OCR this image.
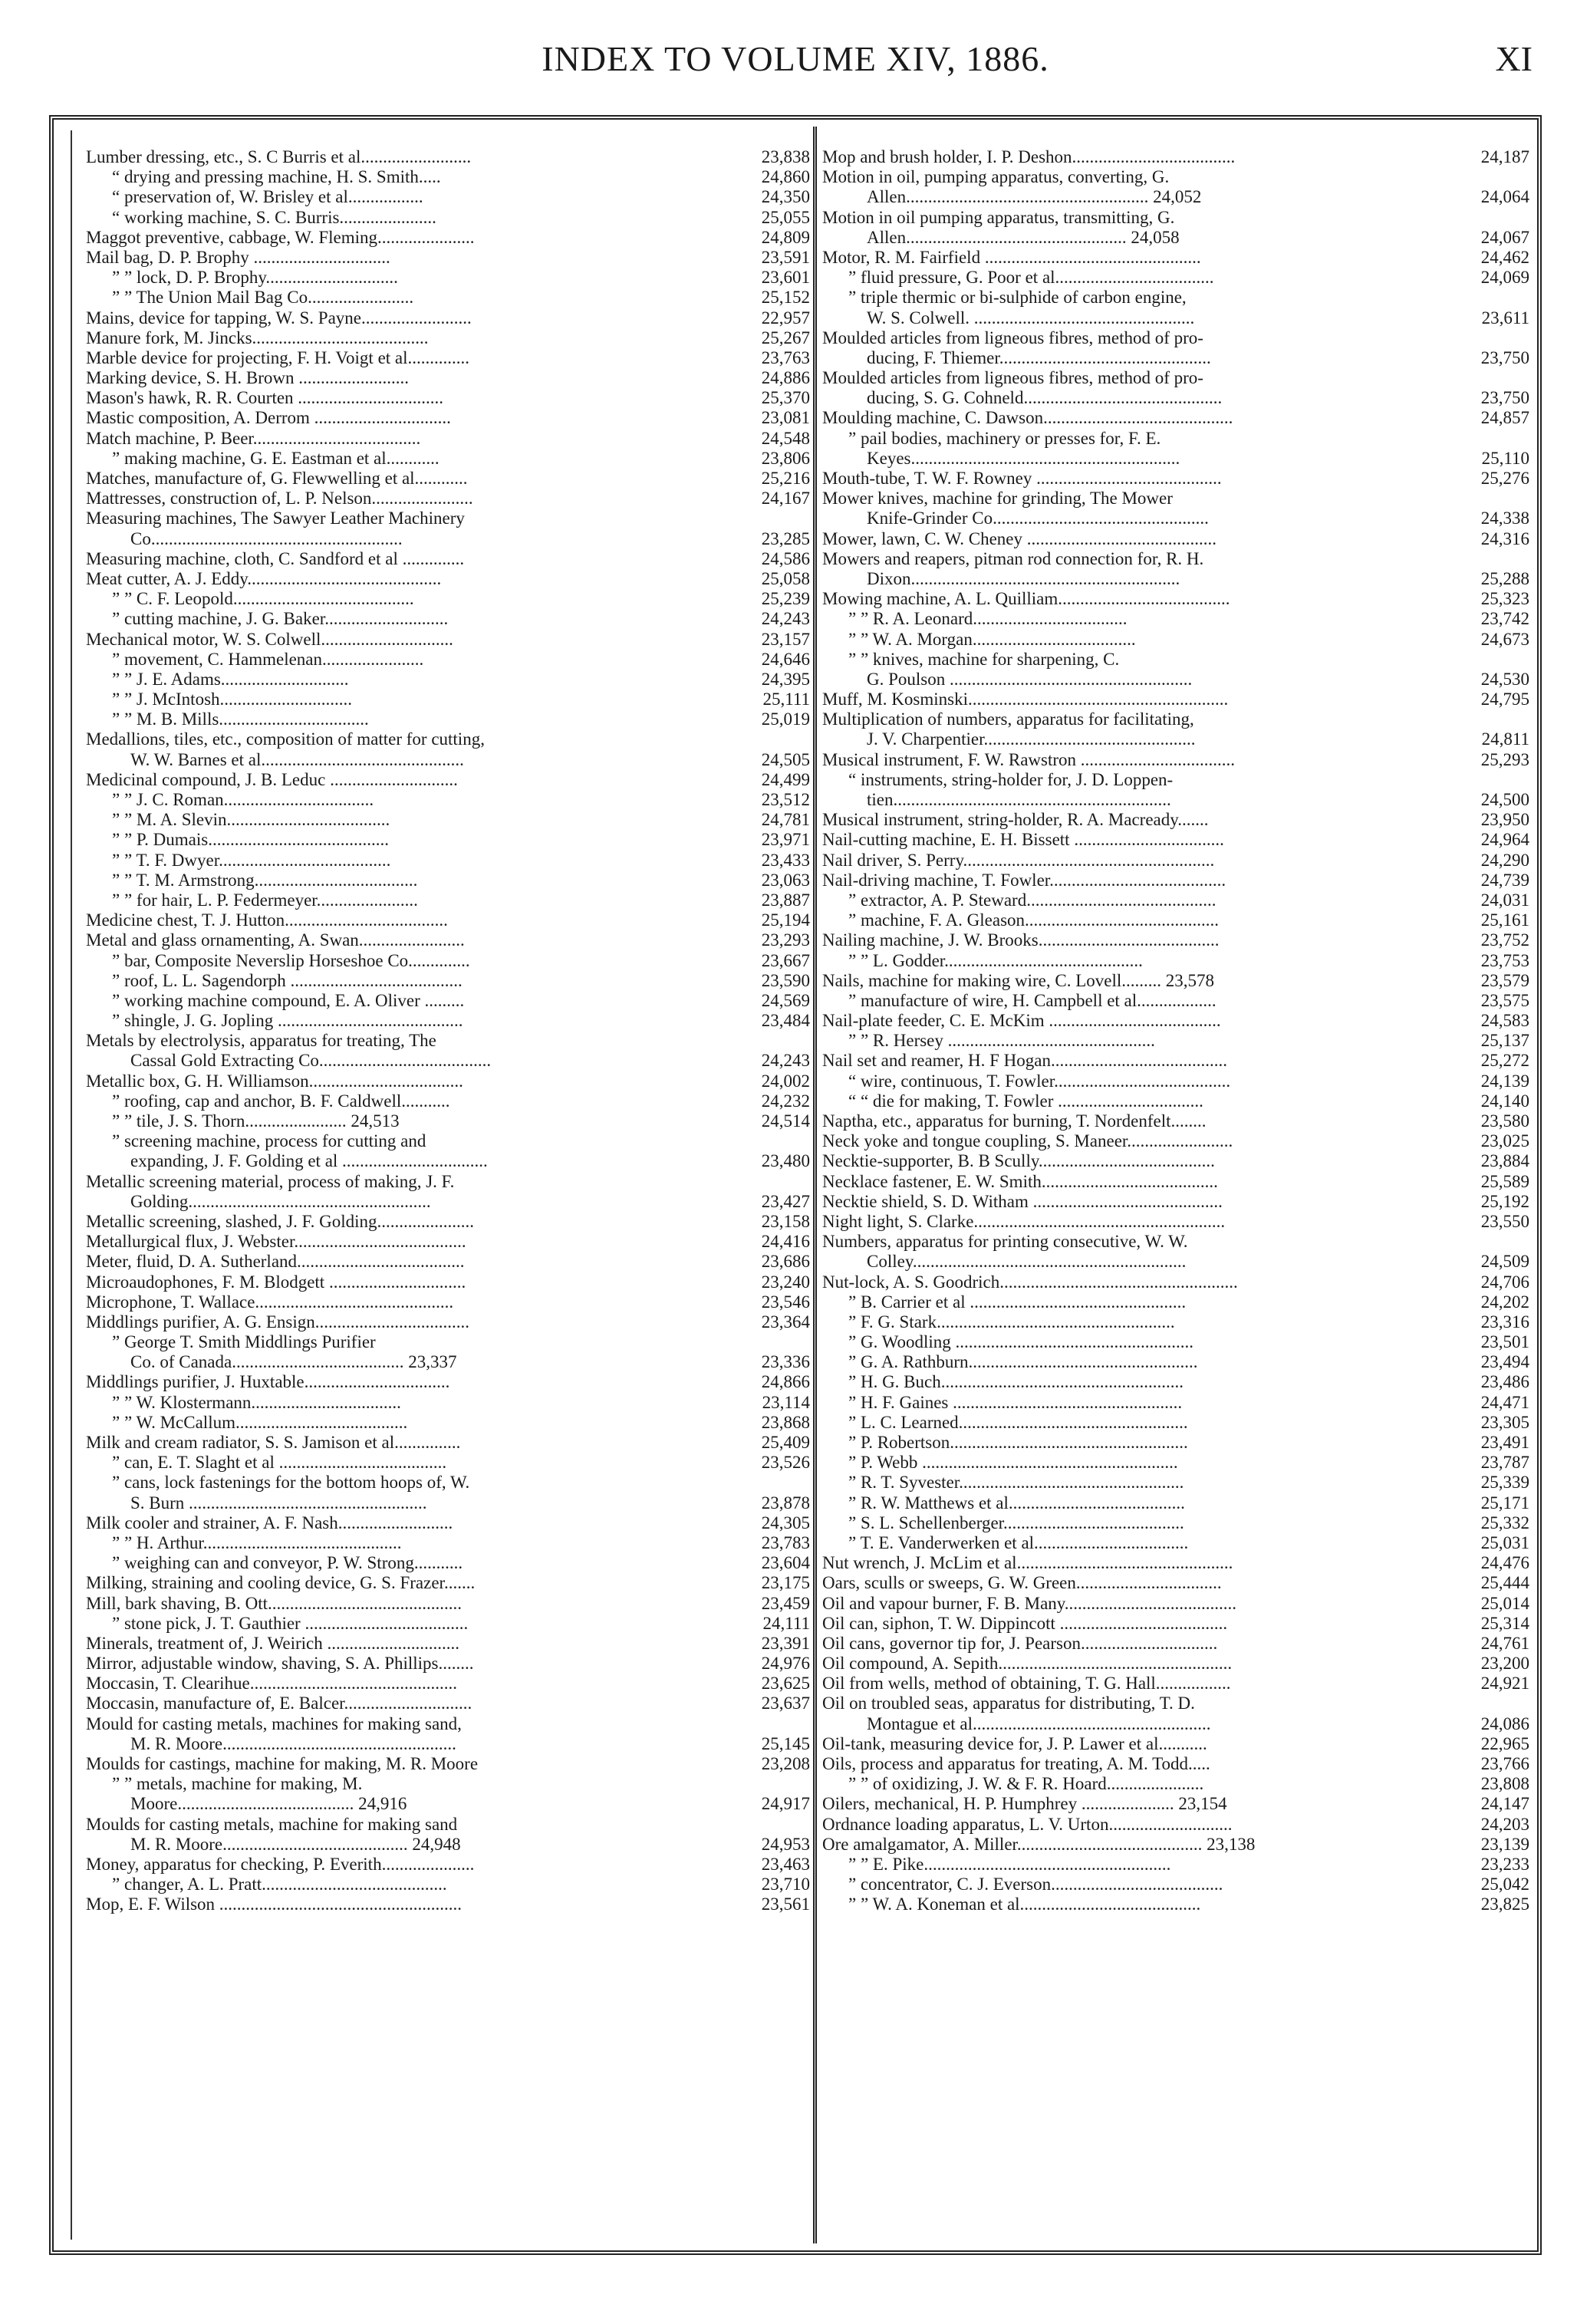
INDEX TO VOLUME XIV, 1886.	XI
Lumber dressing, etc., S. C Burris et al.........................	23,838
“ drying and pressing machine, H. S. Smith.....	24,860
“ preservation of, W. Brisley et al.................	24,350
“ working machine, S. C. Burris......................	25,055
Maggot preventive, cabbage, W. Fleming......................	24,809
Mail bag, D. P. Brophy ...............................	23,591
” ” lock, D. P. Brophy..............................	23,601
” ” The Union Mail Bag Co........................	25,152
Mains, device for tapping, W. S. Payne.........................	22,957
Manure fork, M. Jincks........................................	25,267
Marble device for projecting, F. H. Voigt et al..............	23,763
Marking device, S. H. Brown .........................	24,886
Mason's hawk, R. R. Courten .................................	25,370
Mastic composition, A. Derrom ...............................	23,081
Match machine, P. Beer......................................	24,548
” making machine, G. E. Eastman et al............	23,806
Matches, manufacture of, G. Flewwelling et al............	25,216
Mattresses, construction of, L. P. Nelson.......................	24,167
Measuring machines, The Sawyer Leather Machinery
Co.........................................................	23,285
Measuring machine, cloth, C. Sandford et al ..............	24,586
Meat cutter, A. J. Eddy............................................	25,058
” ” C. F. Leopold.........................................	25,239
” cutting machine, J. G. Baker............................	24,243
Mechanical motor, W. S. Colwell..............................	23,157
” movement, C. Hammelenan.......................	24,646
” ” J. E. Adams.............................	24,395
” ” J. McIntosh..............................	25,111
” ” M. B. Mills..................................	25,019
Medallions, tiles, etc., composition of matter for cutting,
W. W. Barnes et al..............................................	24,505
Medicinal compound, J. B. Leduc .............................	24,499
” ” J. C. Roman..................................	23,512
” ” M. A. Slevin.....................................	24,781
” ” P. Dumais.........................................	23,971
” ” T. F. Dwyer.......................................	23,433
” ” T. M. Armstrong.....................................	23,063
” ” for hair, L. P. Federmeyer.......................	23,887
Medicine chest, T. J. Hutton.....................................	25,194
Metal and glass ornamenting, A. Swan........................	23,293
” bar, Composite Neverslip Horseshoe Co..............	23,667
” roof, L. L. Sagendorph .......................................	23,590
” working machine compound, E. A. Oliver .........	24,569
” shingle, J. G. Jopling ..........................................	23,484
Metals by electrolysis, apparatus for treating, The
Cassal Gold Extracting Co.......................................	24,243
Metallic box, G. H. Williamson...................................	24,002
” roofing, cap and anchor, B. F. Caldwell...........	24,232
” ” tile, J. S. Thorn....................... 24,513	24,514
” screening machine, process for cutting and
expanding, J. F. Golding et al .................................	23,480
Metallic screening material, process of making, J. F.
Golding.......................................................	23,427
Metallic screening, slashed, J. F. Golding......................	23,158
Metallurgical flux, J. Webster.......................................	24,416
Meter, fluid, D. A. Sutherland......................................	23,686
Microaudophones, F. M. Blodgett ...............................	23,240
Microphone, T. Wallace.............................................	23,546
Middlings purifier, A. G. Ensign...................................	23,364
” George T. Smith Middlings Purifier
Co. of Canada....................................... 23,337	23,336
Middlings purifier, J. Huxtable.................................	24,866
” ” W. Klostermann..................................	23,114
” ” W. McCallum.......................................	23,868
Milk and cream radiator, S. S. Jamison et al...............	25,409
” can, E. T. Slaght et al ......................................	23,526
” cans, lock fastenings for the bottom hoops of, W.
S. Burn ......................................................	23,878
Milk cooler and strainer, A. F. Nash..........................	24,305
” ” H. Arthur.............................................	23,783
” weighing can and conveyor, P. W. Strong...........	23,604
Milking, straining and cooling device, G. S. Frazer.......	23,175
Mill, bark shaving, B. Ott............................................	23,459
” stone pick, J. T. Gauthier .....................................	24,111
Minerals, treatment of, J. Weirich ..............................	23,391
Mirror, adjustable window, shaving, S. A. Phillips........	24,976
Moccasin, T. Clearihue...............................................	23,625
Moccasin, manufacture of, E. Balcer.............................	23,637
Mould for casting metals, machines for making sand,
M. R. Moore.....................................................	25,145
Moulds for castings, machine for making, M. R. Moore	23,208
” ” metals, machine for making, M.
Moore........................................ 24,916	24,917
Moulds for casting metals, machine for making sand
M. R. Moore.......................................... 24,948	24,953
Money, apparatus for checking, P. Everith.....................	23,463
” changer, A. L. Pratt..........................................	23,710
Mop, E. F. Wilson .......................................................	23,561
Mop and brush holder, I. P. Deshon.....................................	24,187
Motion in oil, pumping apparatus, converting, G.
Allen....................................................... 24,052	24,064
Motion in oil pumping apparatus, transmitting, G.
Allen.................................................. 24,058	24,067
Motor, R. M. Fairfield .................................................	24,462
” fluid pressure, G. Poor et al....................................	24,069
” triple thermic or bi-sulphide of carbon engine,
W. S. Colwell. ..................................................	23,611
Moulded articles from ligneous fibres, method of pro-
ducing, F. Thiemer................................................	23,750
Moulded articles from ligneous fibres, method of pro-
ducing, S. G. Cohneld.............................................	23,750
Moulding machine, C. Dawson...........................................	24,857
” pail bodies, machinery or presses for, F. E.
Keyes.............................................................	25,110
Mouth-tube, T. W. F. Rowney ..........................................	25,276
Mower knives, machine for grinding, The Mower
Knife-Grinder Co.................................................	24,338
Mower, lawn, C. W. Cheney ...........................................	24,316
Mowers and reapers, pitman rod connection for, R. H.
Dixon.............................................................	25,288
Mowing machine, A. L. Quilliam.......................................	25,323
” ” R. A. Leonard...................................	23,742
” ” W. A. Morgan.....................................	24,673
” ” knives, machine for sharpening, C.
G. Poulson .......................................................	24,530
Muff, M. Kosminski...........................................................	24,795
Multiplication of numbers, apparatus for facilitating,
J. V. Charpentier................................................	24,811
Musical instrument, F. W. Rawstron ...................................	25,293
“ instruments, string-holder for, J. D. Loppen-
tien...............................................................	24,500
Musical instrument, string-holder, R. A. Macready.......	23,950
Nail-cutting machine, E. H. Bissett ..................................	24,964
Nail driver, S. Perry.........................................................	24,290
Nail-driving machine, T. Fowler........................................	24,739
” extractor, A. P. Steward...........................................	24,031
” machine, F. A. Gleason............................................	25,161
Nailing machine, J. W. Brooks.........................................	23,752
” ” L. Godder.............................................	23,753
Nails, machine for making wire, C. Lovell......... 23,578	23,579
” manufacture of wire, H. Campbell et al..................	23,575
Nail-plate feeder, C. E. McKim .......................................	24,583
” ” R. Hersey ...............................................	25,137
Nail set and reamer, H. F Hogan........................................	25,272
“ wire, continuous, T. Fowler........................................	24,139
“ “ die for making, T. Fowler .................................	24,140
Naptha, etc., apparatus for burning, T. Nordenfelt........	23,580
Neck yoke and tongue coupling, S. Maneer........................	23,025
Necktie-supporter, B. B Scully........................................	23,884
Necklace fastener, E. W. Smith........................................	25,589
Necktie shield, S. D. Witham ...........................................	25,192
Night light, S. Clarke.........................................................	23,550
Numbers, apparatus for printing consecutive, W. W.
Colley..............................................................	24,509
Nut-lock, A. S. Goodrich......................................................	24,706
” B. Carrier et al .................................................	24,202
” F. G. Stark......................................................	23,316
” G. Woodling ......................................................	23,501
” G. A. Rathburn....................................................	23,494
” H. G. Buch.......................................................	23,486
” H. F. Gaines ....................................................	24,471
” L. C. Learned....................................................	23,305
” P. Robertson......................................................	23,491
” P. Webb ..........................................................	23,787
” R. T. Syvester...................................................	25,339
” R. W. Matthews et al........................................	25,171
” S. L. Schellenberger.........................................	25,332
” T. E. Vanderwerken et al...................................	25,031
Nut wrench, J. McLim et al.................................................	24,476
Oars, sculls or sweeps, G. W. Green.................................	25,444
Oil and vapour burner, F. B. Many.......................................	25,014
Oil can, siphon, T. W. Dippincott ......................................	25,314
Oil cans, governor tip for, J. Pearson...............................	24,761
Oil compound, A. Sepith.....................................................	23,200
Oil from wells, method of obtaining, T. G. Hall.................	24,921
Oil on troubled seas, apparatus for distributing, T. D.
Montague et al......................................................	24,086
Oil-tank, measuring device for, J. P. Lawer et al...........	22,965
Oils, process and apparatus for treating, A. M. Todd.....	23,766
” ” of oxidizing, J. W. & F. R. Hoard......................	23,808
Oilers, mechanical, H. P. Humphrey ..................... 23,154	24,147
Ordnance loading apparatus, L. V. Urton............................	24,203
Ore amalgamator, A. Miller.......................................... 23,138	23,139
” ” E. Pike........................................................	23,233
” concentrator, C. J. Everson.......................................	25,042
” ” W. A. Koneman et al.........................................	23,825
